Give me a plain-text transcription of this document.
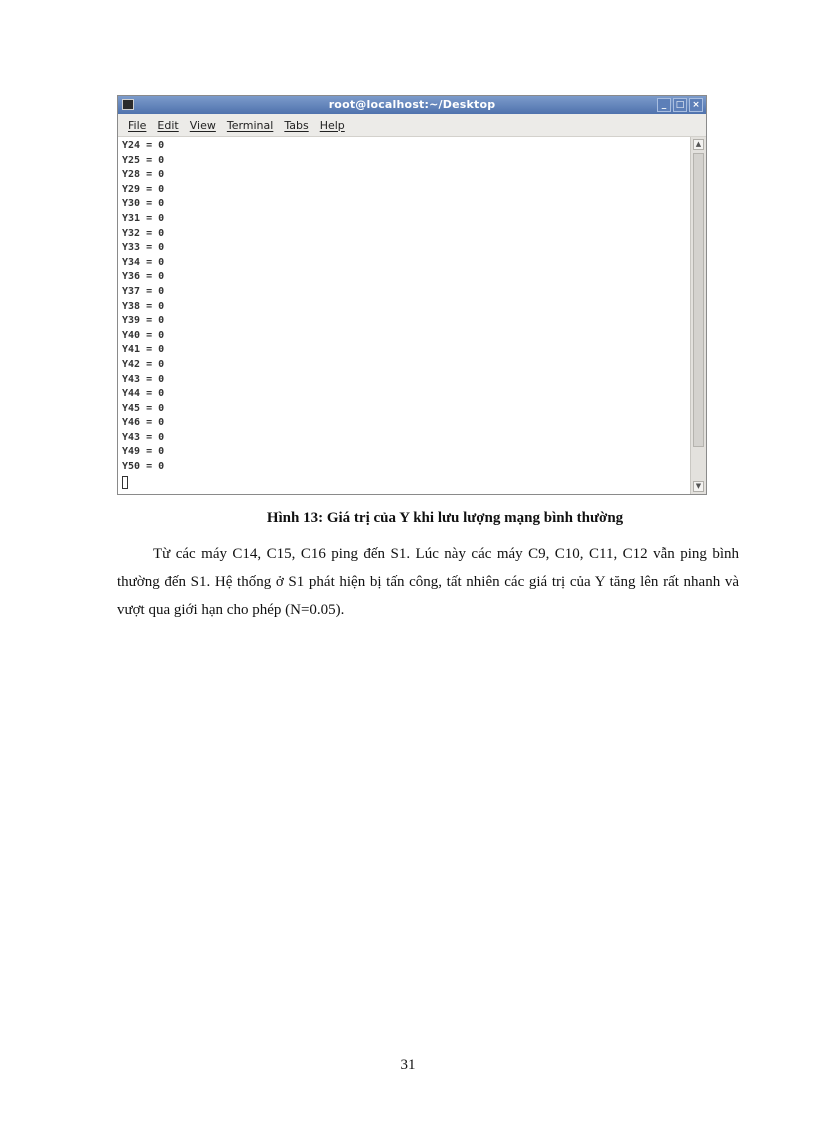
root@localhost:~/Desktop	_	□ ×
File Edit View Terminal Tabs Help
Y24 = 0
Y25 = 0
Y28 = 0
Y29 = 0
Y30 = 0
Y31 = 0
Y32 = 0
Y33 = 0
Y34 = 0
Y36 = 0
Y37 = 0
Y38 = 0
Y39 = 0
Y40 = 0
Y41 = 0
Y42 = 0
Y43 = 0
Y44 = 0
Y45 = 0
Y46 = 0
Y43 = 0
Y49 = 0
Y50 = 0
▲
▼
Hình 13: Giá trị của Y khi lưu lượng mạng bình thường
Từ các máy C14, C15, C16 ping đến S1. Lúc này các máy C9, C10, C11, C12 vẫn ping bình thường đến S1. Hệ thống ở S1 phát hiện bị tấn công, tất nhiên các giá trị của Y tăng lên rất nhanh và vượt qua giới hạn cho phép (N=0.05).
31
